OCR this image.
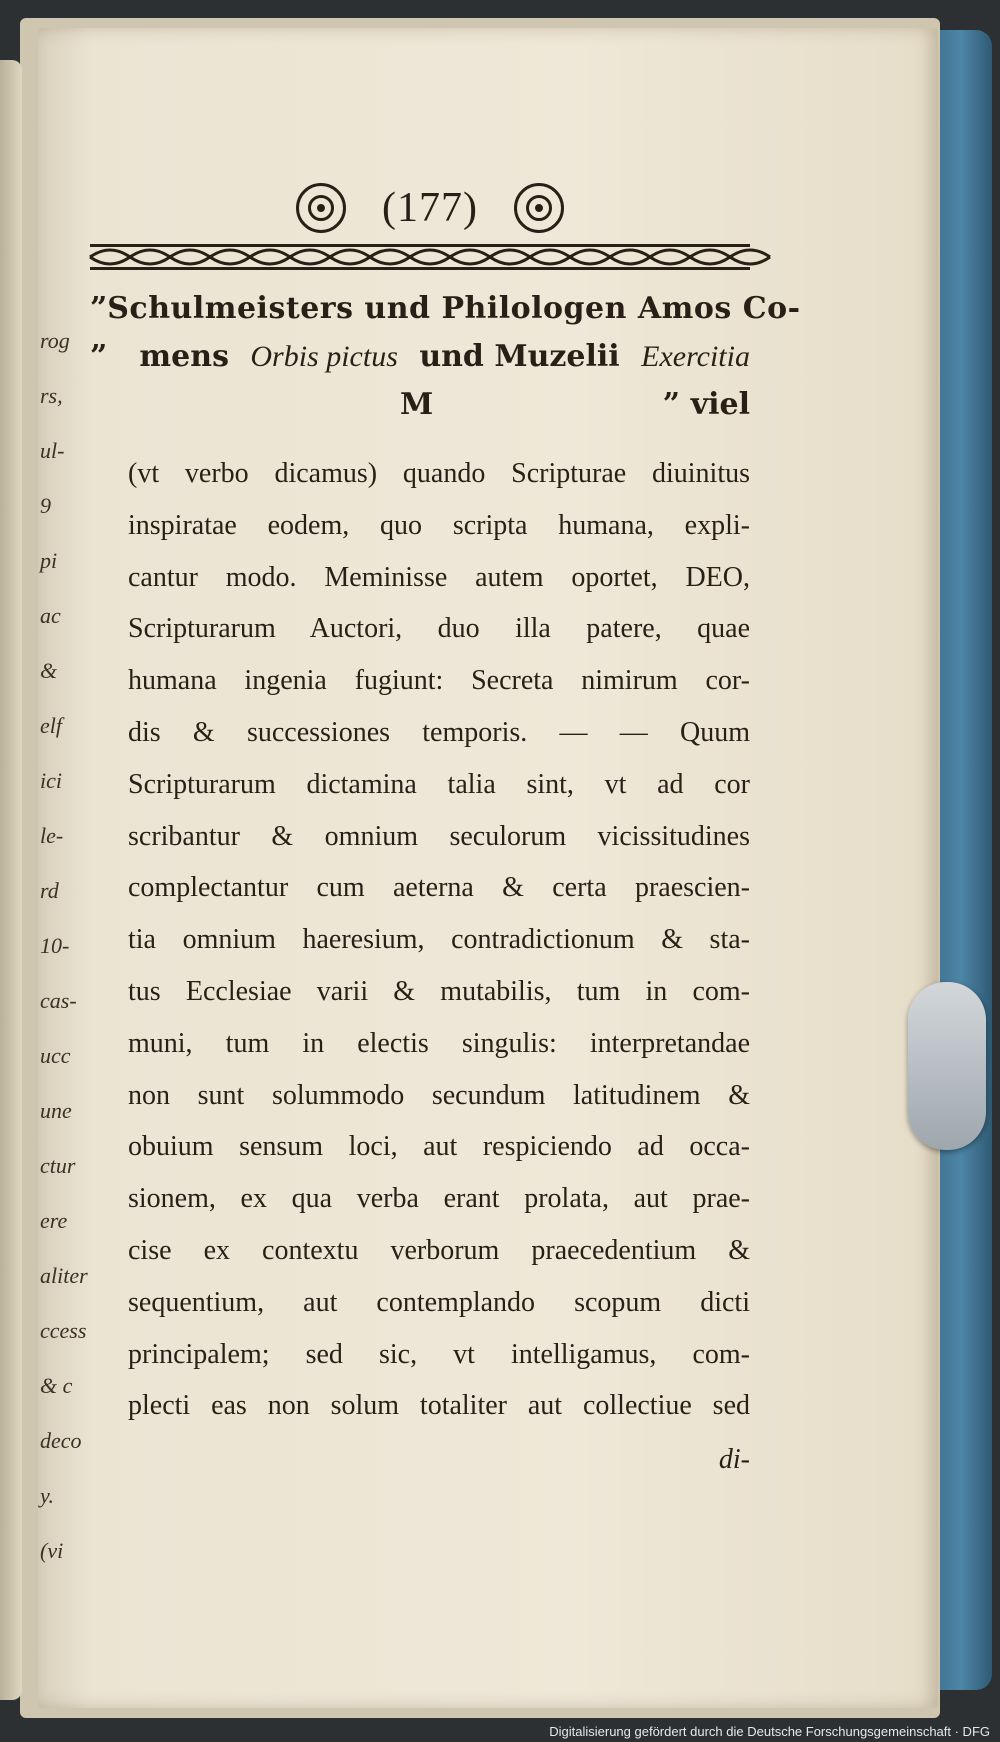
rog
rs,
ul-
9
pi
ac
&
elf
ici
le-
rd
10-
cas-
ucc
une
ctur
ere
aliter
ccess
& c
deco
y.
(vi
(177)
” Schulmeisters und Philologen Amos Co-
”	mens Orbis pictus und Muzelii Exercitia
M	” viel

(vt verbo dicamus) quando Scripturae diuinitus

inspiratae eodem, quo scripta humana, expli-

cantur modo. Meminisse autem oportet, DEO,

Scripturarum Auctori, duo illa patere, quae

humana ingenia fugiunt: Secreta nimirum cor-

dis & successiones temporis. — — Quum

Scripturarum dictamina talia sint, vt ad cor

scribantur & omnium seculorum vicissitudines

complectantur cum aeterna & certa praescien-

tia omnium haeresium, contradictionum & sta-

tus Ecclesiae varii & mutabilis, tum in com-

muni, tum in electis singulis: interpretandae

non sunt solummodo secundum latitudinem &

obuium sensum loci, aut respiciendo ad occa-

sionem, ex qua verba erant prolata, aut prae-

cise ex contextu verborum praecedentium &

sequentium, aut contemplando scopum dicti

principalem; sed sic, vt intelligamus, com-

plecti eas non solum totaliter aut collectiue sed

di-

Digitalisierung gefördert durch die Deutsche Forschungsgemeinschaft · DFG
